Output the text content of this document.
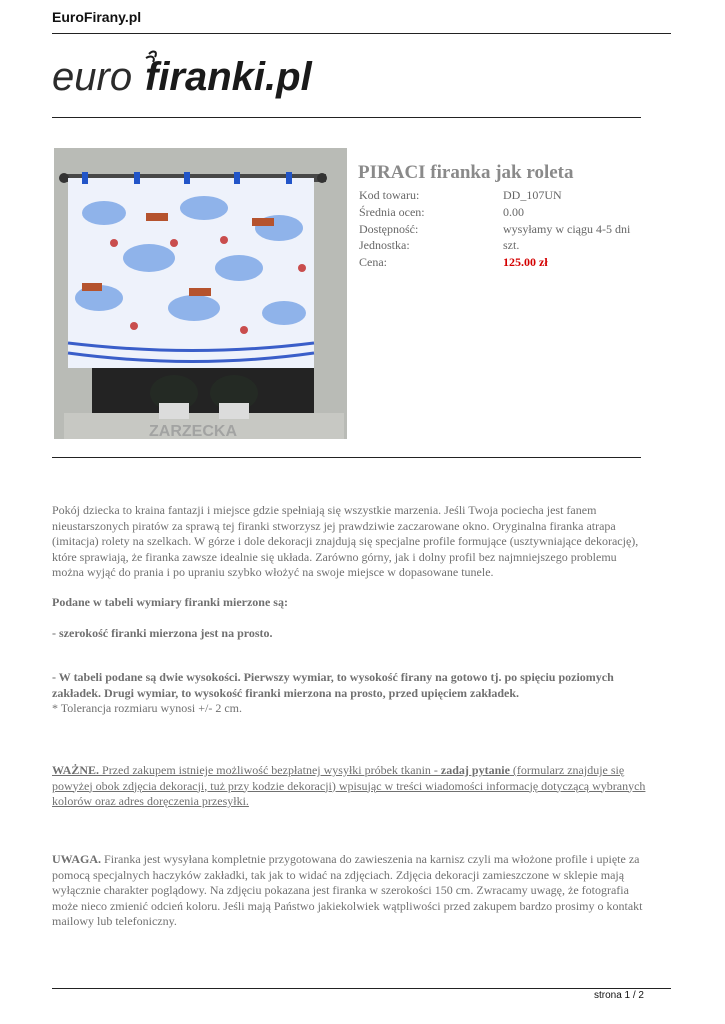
EuroFirany.pl
euro firanki.pl
ZARZECKA
PIRACI firanka jak roleta
Kod towaru:	DD_107UN
Średnia ocen:	0.00
Dostępność:	wysyłamy w ciągu 4-5 dni
Jednostka:	szt.
Cena:	125.00 zł
Pokój dziecka to kraina fantazji i miejsce gdzie spełniają się wszystkie marzenia. Jeśli Twoja pociecha jest fanem nieustarszonych piratów za sprawą tej firanki stworzysz jej prawdziwie zaczarowane okno. Oryginalna firanka atrapa (imitacja) rolety na szelkach. W górze i dole dekoracji znajdują się specjalne profile formujące (usztywniające dekorację), które sprawiają, że firanka zawsze idealnie się układa. Zarówno górny, jak i dolny profil bez najmniejszego problemu można wyjąć do prania i po upraniu szybko włożyć na swoje miejsce w dopasowane tunele.
Podane w tabeli wymiary firanki mierzone są:
- szerokość firanki mierzona jest na prosto.
- W tabeli podane są dwie wysokości. Pierwszy wymiar, to wysokość firany na gotowo tj. po spięciu poziomych zakładek. Drugi wymiar, to wysokość firanki mierzona na prosto, przed upięciem zakładek.
* Tolerancja rozmiaru wynosi +/- 2 cm.
WAŻNE. Przed zakupem istnieje możliwość bezpłatnej wysyłki próbek tkanin - zadaj pytanie (formularz znajduje się powyżej obok zdjęcia dekoracji, tuż przy kodzie dekoracji) wpisując w treści wiadomości informację dotyczącą wybranych kolorów oraz adres doręczenia przesyłki.
UWAGA. Firanka jest wysyłana kompletnie przygotowana do zawieszenia na karnisz czyli ma włożone profile i upięte za pomocą specjalnych haczyków zakładki, tak jak to widać na zdjęciach. Zdjęcia dekoracji zamieszczone w sklepie mają wyłącznie charakter poglądowy. Na zdjęciu pokazana jest firanka w szerokości 150 cm. Zwracamy uwagę, że fotografia może nieco zmienić odcień koloru. Jeśli mają Państwo jakiekolwiek wątpliwości przed zakupem bardzo prosimy o kontakt mailowy lub telefoniczny.
strona 1 / 2
